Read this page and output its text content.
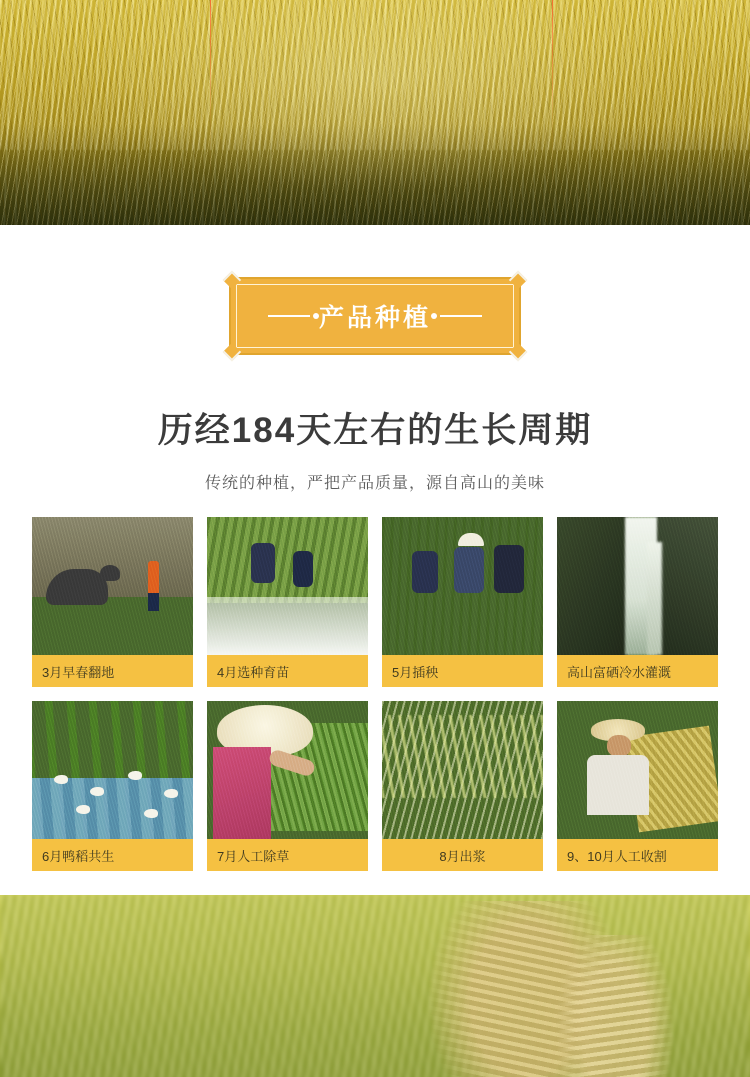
产品种植
历经184天左右的生长周期
传统的种植，严把产品质量，源自高山的美味
3月早春翻地	4月选种育苗	5月插秧	高山富硒冷水灌溉
6月鸭稻共生	7月人工除草	8月出浆	9、10月人工收割
